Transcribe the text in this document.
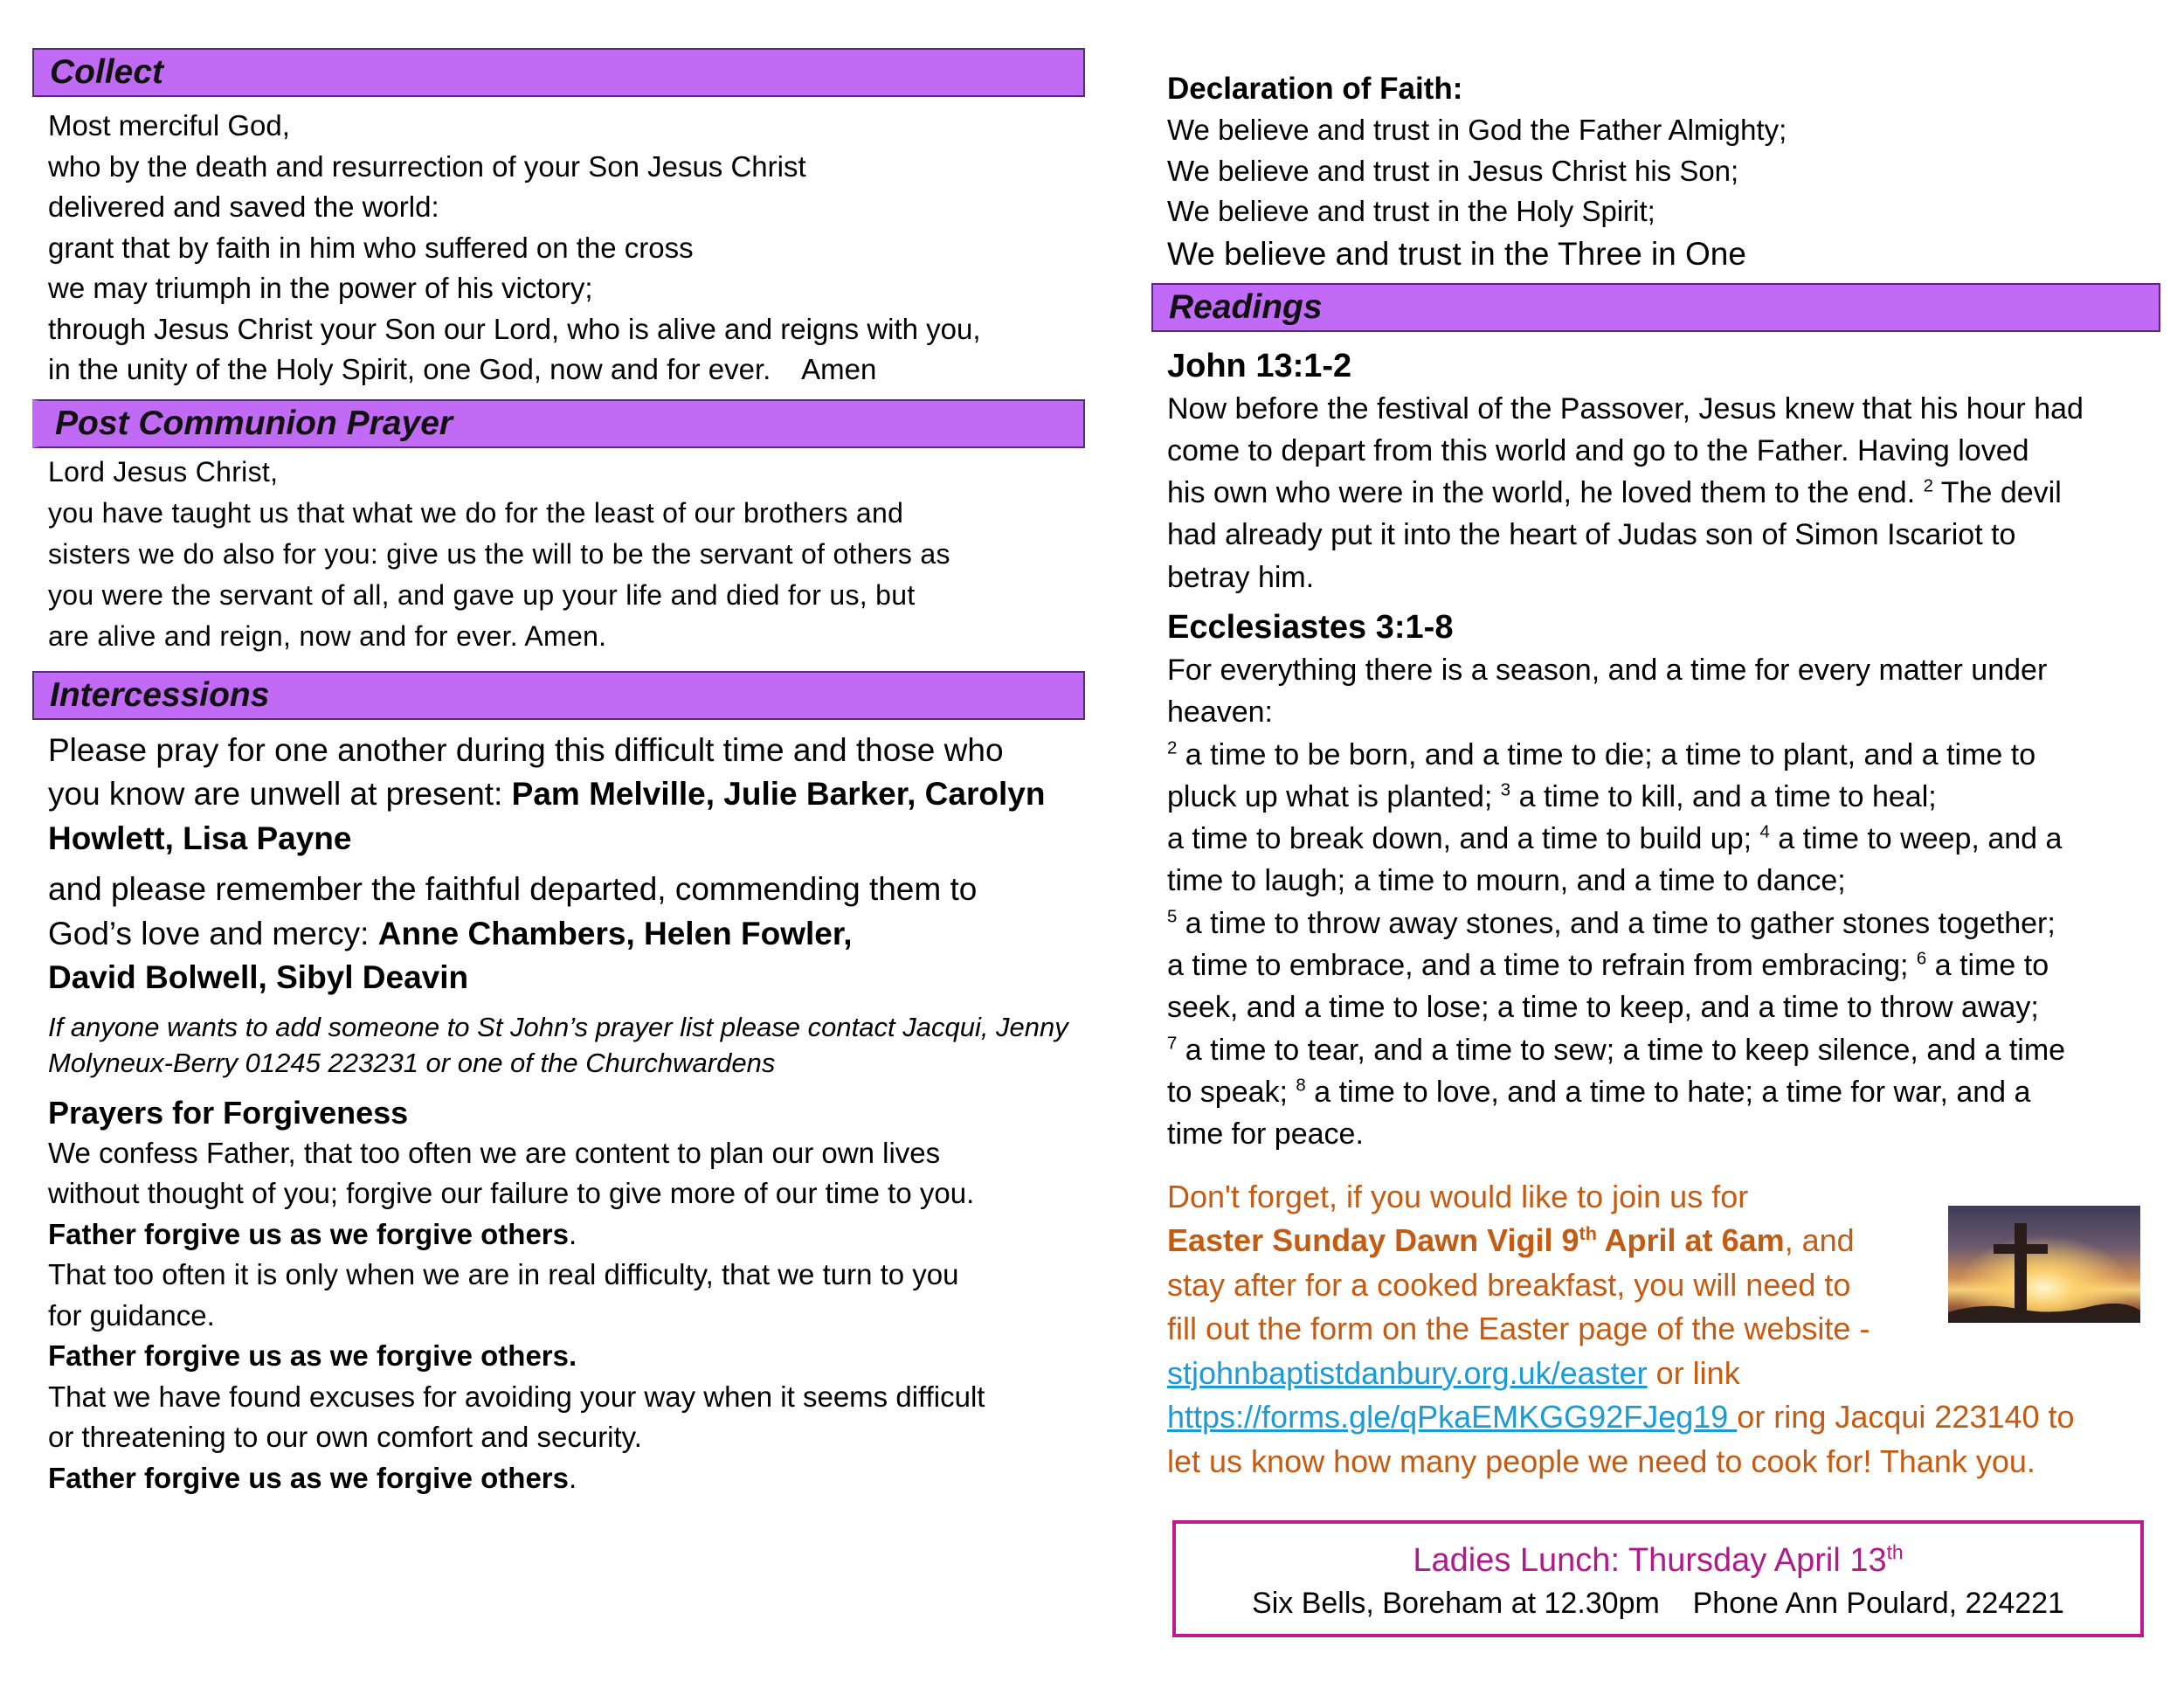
Collect
Most merciful God,
who by the death and resurrection of your Son Jesus Christ
delivered and saved the world:
grant that by faith in him who suffered on the cross
we may triumph in the power of his victory;
through Jesus Christ your Son our Lord, who is alive and reigns with you,
in the unity of the Holy Spirit, one God, now and for ever.    Amen
Post Communion Prayer
Lord Jesus Christ,
you have taught us that what we do for the least of our brothers and
sisters we do also for you: give us the will to be the servant of others as
you were the servant of all, and gave up your life and died for us, but
are alive and reign, now and for ever. Amen.
Intercessions
Please pray for one another during this difficult time and those who
you know are unwell at present: Pam Melville, Julie Barker, Carolyn
Howlett, Lisa Payne
and please remember the faithful departed, commending them to
God’s love and mercy: Anne Chambers, Helen Fowler,
David Bolwell, Sibyl Deavin
If anyone wants to add someone to St John’s prayer list please contact Jacqui, Jenny
Molyneux-Berry 01245 223231 or one of the Churchwardens
Prayers for Forgiveness
We confess Father, that too often we are content to plan our own lives
without thought of you; forgive our failure to give more of our time to you.
Father forgive us as we forgive others.
That too often it is only when we are in real difficulty, that we turn to you
for guidance.
Father forgive us as we forgive others.
That we have found excuses for avoiding your way when it seems difficult
or threatening to our own comfort and security.
Father forgive us as we forgive others.
Declaration of Faith:
We believe and trust in God the Father Almighty;
We believe and trust in Jesus Christ his Son;
We believe and trust in the Holy Spirit;
We believe and trust in the Three in One
Readings
John 13:1-2
Now before the festival of the Passover, Jesus knew that his hour had
come to depart from this world and go to the Father. Having loved
his own who were in the world, he loved them to the end. $^2$ The devil
had already put it into the heart of Judas son of Simon Iscariot to
betray him.
Ecclesiastes 3:1-8
For everything there is a season, and a time for every matter under
heaven:
$^2$ a time to be born, and a time to die; a time to plant, and a time to
pluck up what is planted; $^3$ a time to kill, and a time to heal;
a time to break down, and a time to build up; $^4$ a time to weep, and a
time to laugh; a time to mourn, and a time to dance;
$^5$ a time to throw away stones, and a time to gather stones together;
a time to embrace, and a time to refrain from embracing; $^6$ a time to
seek, and a time to lose; a time to keep, and a time to throw away;
$^7$ a time to tear, and a time to sew; a time to keep silence, and a time
to speak; $^8$ a time to love, and a time to hate; a time for war, and a
time for peace.
Don't forget, if you would like to join us for
Easter Sunday Dawn Vigil 9th April at 6am, and
stay after for a cooked breakfast, you will need to
fill out the form on the Easter page of the website -
stjohnbaptistdanbury.org.uk/easter or link
https://forms.gle/qPkaEMKGG92FJeg19 or ring Jacqui 223140 to
let us know how many people we need to cook for! Thank you.
Ladies Lunch: Thursday April 13th
Six Bells, Boreham at 12.30pm    Phone Ann Poulard, 224221
